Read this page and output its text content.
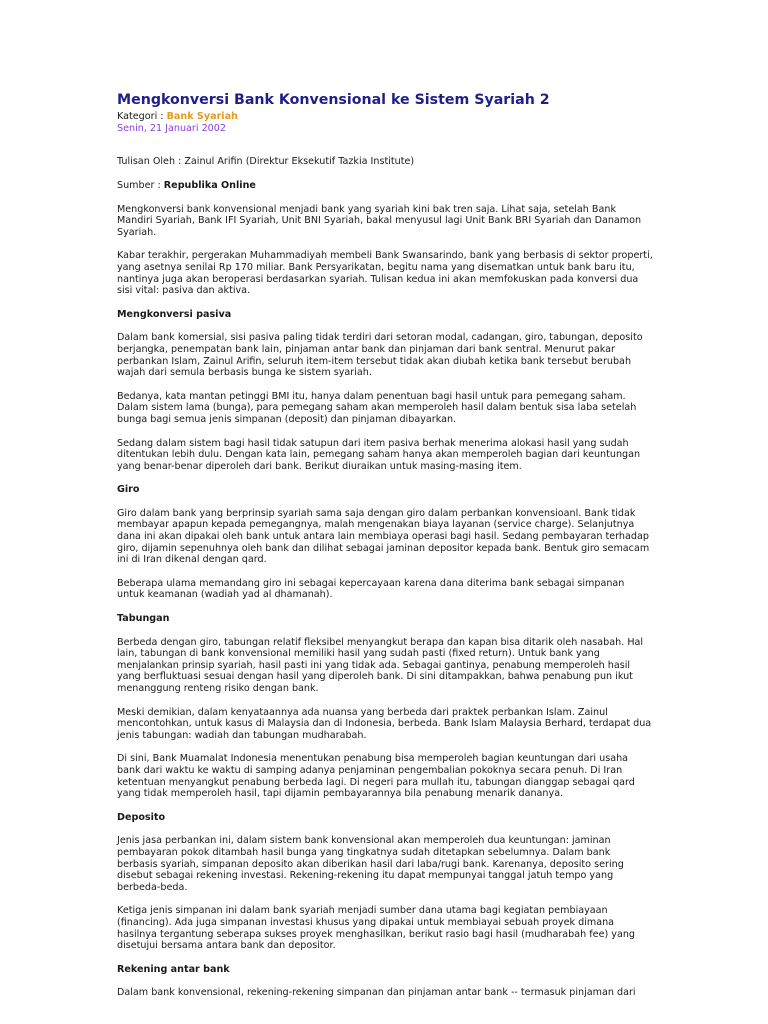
Mengkonversi Bank Konvensional ke Sistem Syariah 2
Kategori : Bank Syariah
Senin, 21 Januari 2002

Tulisan Oleh : Zainul Arifin (Direktur Eksekutif Tazkia Institute)

Sumber : Republika Online

Mengkonversi bank konvensional menjadi bank yang syariah kini bak tren saja. Lihat saja, setelah Bank Mandiri Syariah, Bank IFI Syariah, Unit BNI Syariah, bakal menyusul lagi Unit Bank BRI Syariah dan Danamon Syariah.

Kabar terakhir, pergerakan Muhammadiyah membeli Bank Swansarindo, bank yang berbasis di sektor properti, yang asetnya senilai Rp 170 miliar. Bank Persyarikatan, begitu nama yang disematkan untuk bank baru itu, nantinya juga akan beroperasi berdasarkan syariah. Tulisan kedua ini akan memfokuskan pada konversi dua sisi vital: pasiva dan aktiva.

Mengkonversi pasiva

Dalam bank komersial, sisi pasiva paling tidak terdiri dari setoran modal, cadangan, giro, tabungan, deposito berjangka, penempatan bank lain, pinjaman antar bank dan pinjaman dari bank sentral. Menurut pakar perbankan Islam, Zainul Arifin, seluruh item-item tersebut tidak akan diubah ketika bank tersebut berubah wajah dari semula berbasis bunga ke sistem syariah.

Bedanya, kata mantan petinggi BMI itu, hanya dalam penentuan bagi hasil untuk para pemegang saham. Dalam sistem lama (bunga), para pemegang saham akan memperoleh hasil dalam bentuk sisa laba setelah bunga bagi semua jenis simpanan (deposit) dan pinjaman dibayarkan.

Sedang dalam sistem bagi hasil tidak satupun dari item pasiva berhak menerima alokasi hasil yang sudah ditentukan lebih dulu. Dengan kata lain, pemegang saham hanya akan memperoleh bagian dari keuntungan yang benar-benar diperoleh dari bank. Berikut diuraikan untuk masing-masing item.

Giro

Giro dalam bank yang berprinsip syariah sama saja dengan giro dalam perbankan konvensioanl. Bank tidak membayar apapun kepada pemegangnya, malah mengenakan biaya layanan (service charge). Selanjutnya dana ini akan dipakai oleh bank untuk antara lain membiaya operasi bagi hasil. Sedang pembayaran terhadap giro, dijamin sepenuhnya oleh bank dan dilihat sebagai jaminan depositor kepada bank. Bentuk giro semacam ini di Iran dikenal dengan qard.

Beberapa ulama memandang giro ini sebagai kepercayaan karena dana diterima bank sebagai simpanan untuk keamanan (wadiah yad al dhamanah).

Tabungan

Berbeda dengan giro, tabungan relatif fleksibel menyangkut berapa dan kapan bisa ditarik oleh nasabah. Hal lain, tabungan di bank konvensional memiliki hasil yang sudah pasti (fixed return). Untuk bank yang menjalankan prinsip syariah, hasil pasti ini yang tidak ada. Sebagai gantinya, penabung memperoleh hasil yang berfluktuasi sesuai dengan hasil yang diperoleh bank. Di sini ditampakkan, bahwa penabung pun ikut menanggung renteng risiko dengan bank.

Meski demikian, dalam kenyataannya ada nuansa yang berbeda dari praktek perbankan Islam. Zainul mencontohkan, untuk kasus di Malaysia dan di Indonesia, berbeda. Bank Islam Malaysia Berhard, terdapat dua jenis tabungan: wadiah dan tabungan mudharabah.

Di sini, Bank Muamalat Indonesia menentukan penabung bisa memperoleh bagian keuntungan dari usaha bank dari waktu ke waktu di samping adanya penjaminan pengembalian pokoknya secara penuh. Di Iran ketentuan menyangkut penabung berbeda lagi. Di negeri para mullah itu, tabungan dianggap sebagai qard yang tidak memperoleh hasil, tapi dijamin pembayarannya bila penabung menarik dananya.

Deposito

Jenis jasa perbankan ini, dalam sistem bank konvensional akan memperoleh dua keuntungan: jaminan pembayaran pokok ditambah hasil bunga yang tingkatnya sudah ditetapkan sebelumnya. Dalam bank berbasis syariah, simpanan deposito akan diberikan hasil dari laba/rugi bank. Karenanya, deposito sering disebut sebagai rekening investasi. Rekening-rekening itu dapat mempunyai tanggal jatuh tempo yang berbeda-beda.

Ketiga jenis simpanan ini dalam bank syariah menjadi sumber dana utama bagi kegiatan pembiayaan (financing). Ada juga simpanan investasi khusus yang dipakai untuk membiayai sebuah proyek dimana hasilnya tergantung seberapa sukses proyek menghasilkan, berikut rasio bagi hasil (mudharabah fee) yang disetujui bersama antara bank dan depositor.

Rekening antar bank

Dalam bank konvensional, rekening-rekening simpanan dan pinjaman antar bank -- termasuk pinjaman dari
